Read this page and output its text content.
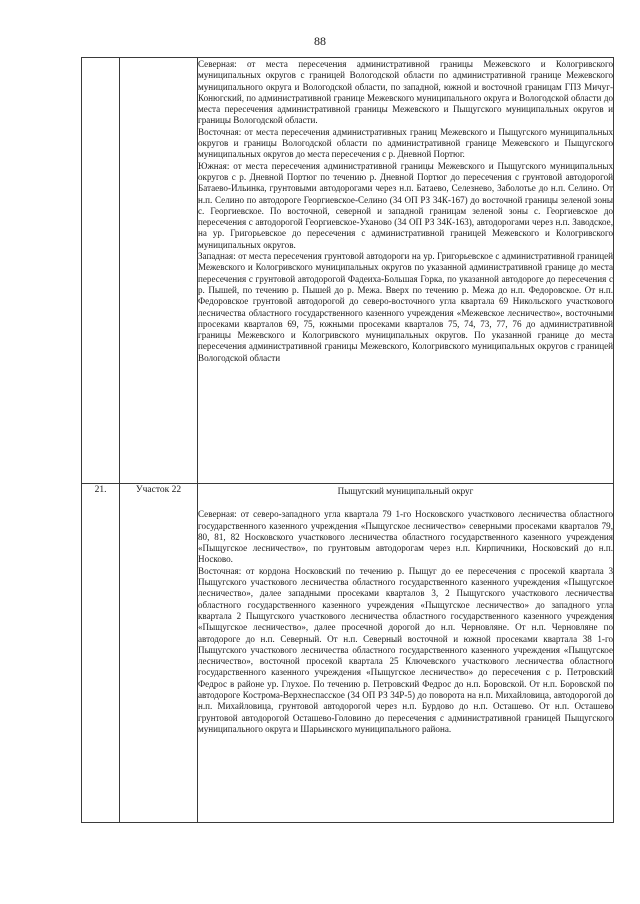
88

		Северная: от места пересечения административной границы Межевского и Кологривского муниципальных округов с границей Вологодской области по административной границе Межевского муниципального округа и Вологодской области, по западной, южной и восточной границам ГПЗ Мичуг-Конюгский, по административной границе Межевского муниципального округа и Вологодской области до места пересечения административной границы Межевского и Пыщугского муниципальных округов и границы Вологодской области.

Восточная: от места пересечения административных границ Межевского и Пыщугского муниципальных округов и границы Вологодской области по административной границе Межевского и Пыщугского муниципальных округов до места пересечения с р. Дневной Портюг.

Южная: от места пересечения административной границы Межевского и Пыщугского муниципальных округов с р. Дневной Портюг по течению р. Дневной Портюг до пересечения с грунтовой автодорогой Батаево-Ильинка, грунтовыми автодорогами через н.п. Батаево, Селезнево, Заболотье до н.п. Селино. От н.п. Селино по автодороге Георгиевское-Селино (34 ОП РЗ 34К-167) до восточной границы зеленой зоны с. Георгиевское. По восточной, северной и западной границам зеленой зоны с. Георгиевское до пересечения с автодорогой Георгиевское-Уханово (34 ОП РЗ 34К-163), автодорогами через н.п. Заводское, на ур. Григорьевское до пересечения с административной границей Межевского и Кологривского муниципальных округов.

Западная: от места пересечения грунтовой автодороги на ур. Григорьевское с административной границей Межевского и Кологривского муниципальных округов по указанной административной границе до места пересечения с грунтовой автодорогой Фадеиха-Большая Горка, по указанной автодороге до пересечения с р. Пышей, по течению р. Пышей до р. Межа. Вверх по течению р. Межа до н.п. Федоровское. От н.п. Федоровское грунтовой автодорогой до северо-восточного угла квартала 69 Никольского участкового лесничества областного государственного казенного учреждения «Межевское лесничество», восточными просеками кварталов 69, 75, южными просеками кварталов 75, 74, 73, 77, 76 до административной границы Межевского и Кологривского муниципальных округов. По указанной границе до места пересечения административной границы Межевского, Кологривского муниципальных округов с границей Вологодской области

21.	Участок 22	Пыщугский муниципальный округ

Северная: от северо-западного угла квартала 79 1-го Носковского участкового лесничества областного государственного казенного учреждения «Пыщугское лесничество» северными просеками кварталов 79, 80, 81, 82 Носковского участкового лесничества областного государственного казенного учреждения «Пыщугское лесничество», по грунтовым автодорогам через н.п. Кирпичники, Носковский до н.п. Носково.

Восточная: от кордона Носковский по течению р. Пыщуг до ее пересечения с просекой квартала 3 Пыщугского участкового лесничества областного государственного казенного учреждения «Пыщугское лесничество», далее западными просеками кварталов 3, 2 Пыщугского участкового лесничества областного государственного казенного учреждения «Пыщугское лесничество» до западного угла квартала 2 Пыщугского участкового лесничества областного государственного казенного учреждения «Пыщугское лесничество», далее просечной дорогой до н.п. Черновляне. От н.п. Черновляне по автодороге до н.п. Северный. От н.п. Северный восточной и южной просеками квартала 38 1-го Пыщугского участкового лесничества областного государственного казенного учреждения «Пыщугское лесничество», восточной просекой квартала 25 Ключевского участкового лесничества областного государственного казенного учреждения «Пыщугское лесничество» до пересечения с р. Петровский Федрос в районе ур. Глухое. По течению р. Петровский Федрос до н.п. Боровской. От н.п. Боровской по автодороге Кострома-Верхнеспасское (34 ОП РЗ 34Р-5) до поворота на н.п. Михайловица, автодорогой до н.п. Михайловица, грунтовой автодорогой через н.п. Бурдово до н.п. Осташево. От н.п. Осташево грунтовой автодорогой Осташево-Головино до пересечения с административной границей Пыщугского муниципального округа и Шарьинского муниципального района.
